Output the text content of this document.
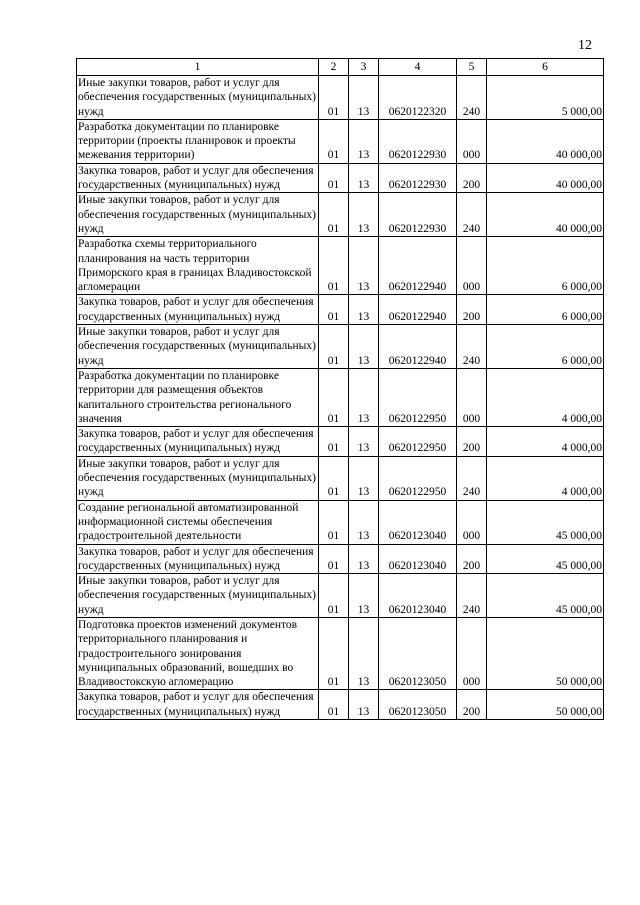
12
1	2	3	4	5	6
Иные закупки товаров, работ и услуг для обеспечения государственных (муниципальных) нужд	01	13	0620122320	240	5 000,00
Разработка документации по планировке территории (проекты планировок и проекты межевания территории)	01	13	0620122930	000	40 000,00
Закупка товаров, работ и услуг для обеспечения государственных (муниципальных) нужд	01	13	0620122930	200	40 000,00
Иные закупки товаров, работ и услуг для обеспечения государственных (муниципальных) нужд	01	13	0620122930	240	40 000,00
Разработка схемы территориального планирования на часть территории Приморского края в границах Владивостокской агломерации	01	13	0620122940	000	6 000,00
Закупка товаров, работ и услуг для обеспечения государственных (муниципальных) нужд	01	13	0620122940	200	6 000,00
Иные закупки товаров, работ и услуг для обеспечения государственных (муниципальных) нужд	01	13	0620122940	240	6 000,00
Разработка документации по планировке территории для размещения объектов капитального строительства регионального значения	01	13	0620122950	000	4 000,00
Закупка товаров, работ и услуг для обеспечения государственных (муниципальных) нужд	01	13	0620122950	200	4 000,00
Иные закупки товаров, работ и услуг для обеспечения государственных (муниципальных) нужд	01	13	0620122950	240	4 000,00
Создание региональной автоматизированной информационной системы обеспечения градостроительной деятельности	01	13	0620123040	000	45 000,00
Закупка товаров, работ и услуг для обеспечения государственных (муниципальных) нужд	01	13	0620123040	200	45 000,00
Иные закупки товаров, работ и услуг для обеспечения государственных (муниципальных) нужд	01	13	0620123040	240	45 000,00
Подготовка проектов изменений документов территориального планирования и градостроительного зонирования муниципальных образований, вошедших во Владивостокскую агломерацию	01	13	0620123050	000	50 000,00
Закупка товаров, работ и услуг для обеспечения государственных (муниципальных) нужд	01	13	0620123050	200	50 000,00
